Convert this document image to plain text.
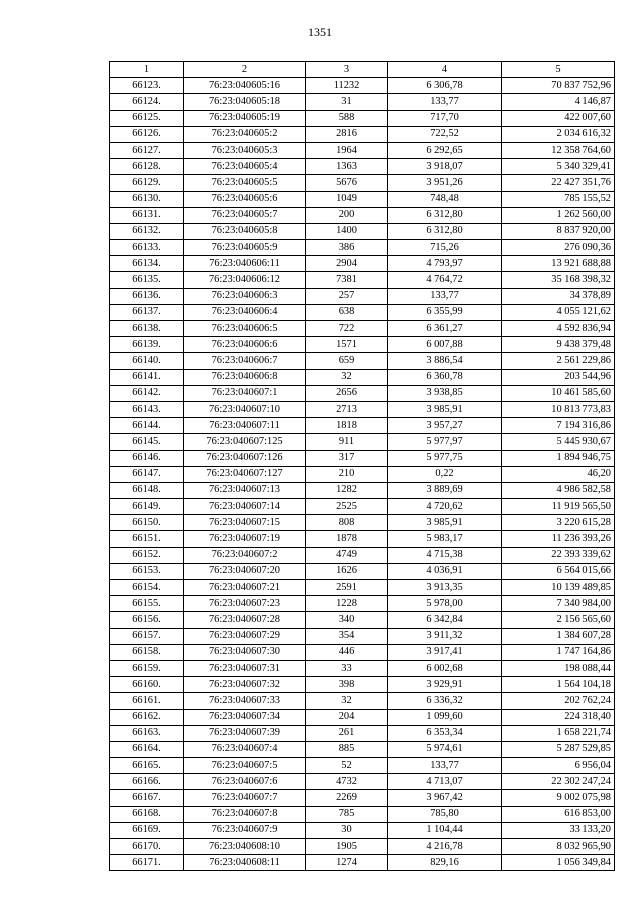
1351
1	2	3	4	5
66123.	76:23:040605:16	11232	6 306,78	70 837 752,96
66124.	76:23:040605:18	31	133,77	4 146,87
66125.	76:23:040605:19	588	717,70	422 007,60
66126.	76:23:040605:2	2816	722,52	2 034 616,32
66127.	76:23:040605:3	1964	6 292,65	12 358 764,60
66128.	76:23:040605:4	1363	3 918,07	5 340 329,41
66129.	76:23:040605:5	5676	3 951,26	22 427 351,76
66130.	76:23:040605:6	1049	748,48	785 155,52
66131.	76:23:040605:7	200	6 312,80	1 262 560,00
66132.	76:23:040605:8	1400	6 312,80	8 837 920,00
66133.	76:23:040605:9	386	715,26	276 090,36
66134.	76:23:040606:11	2904	4 793,97	13 921 688,88
66135.	76:23:040606:12	7381	4 764,72	35 168 398,32
66136.	76:23:040606:3	257	133,77	34 378,89
66137.	76:23:040606:4	638	6 355,99	4 055 121,62
66138.	76:23:040606:5	722	6 361,27	4 592 836,94
66139.	76:23:040606:6	1571	6 007,88	9 438 379,48
66140.	76:23:040606:7	659	3 886,54	2 561 229,86
66141.	76:23:040606:8	32	6 360,78	203 544,96
66142.	76:23:040607:1	2656	3 938,85	10 461 585,60
66143.	76:23:040607:10	2713	3 985,91	10 813 773,83
66144.	76:23:040607:11	1818	3 957,27	7 194 316,86
66145.	76:23:040607:125	911	5 977,97	5 445 930,67
66146.	76:23:040607:126	317	5 977,75	1 894 946,75
66147.	76:23:040607:127	210	0,22	46,20
66148.	76:23:040607:13	1282	3 889,69	4 986 582,58
66149.	76:23:040607:14	2525	4 720,62	11 919 565,50
66150.	76:23:040607:15	808	3 985,91	3 220 615,28
66151.	76:23:040607:19	1878	5 983,17	11 236 393,26
66152.	76:23:040607:2	4749	4 715,38	22 393 339,62
66153.	76:23:040607:20	1626	4 036,91	6 564 015,66
66154.	76:23:040607:21	2591	3 913,35	10 139 489,85
66155.	76:23:040607:23	1228	5 978,00	7 340 984,00
66156.	76:23:040607:28	340	6 342,84	2 156 565,60
66157.	76:23:040607:29	354	3 911,32	1 384 607,28
66158.	76:23:040607:30	446	3 917,41	1 747 164,86
66159.	76:23:040607:31	33	6 002,68	198 088,44
66160.	76:23:040607:32	398	3 929,91	1 564 104,18
66161.	76:23:040607:33	32	6 336,32	202 762,24
66162.	76:23:040607:34	204	1 099,60	224 318,40
66163.	76:23:040607:39	261	6 353,34	1 658 221,74
66164.	76:23:040607:4	885	5 974,61	5 287 529,85
66165.	76:23:040607:5	52	133,77	6 956,04
66166.	76:23:040607:6	4732	4 713,07	22 302 247,24
66167.	76:23:040607:7	2269	3 967,42	9 002 075,98
66168.	76:23:040607:8	785	785,80	616 853,00
66169.	76:23:040607:9	30	1 104,44	33 133,20
66170.	76:23:040608:10	1905	4 216,78	8 032 965,90
66171.	76:23:040608:11	1274	829,16	1 056 349,84
